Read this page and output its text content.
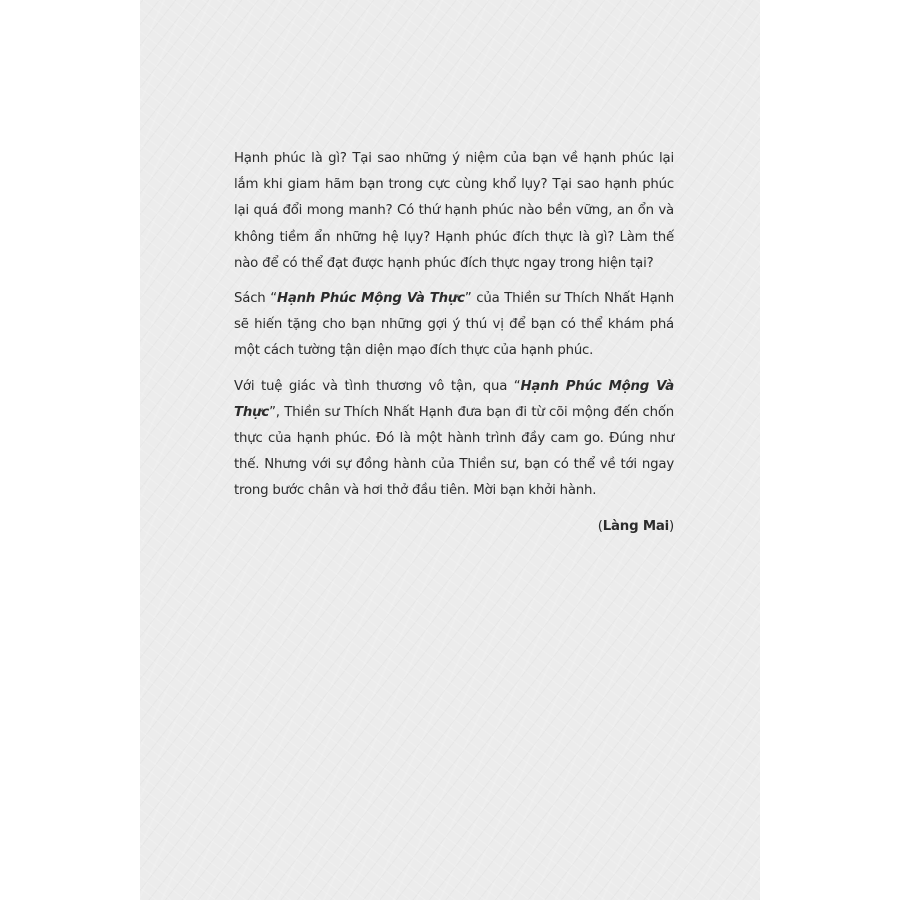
Hạnh phúc là gì? Tại sao những ý niệm của bạn về hạnh phúc lại lắm khi giam hãm bạn trong cực cùng khổ lụy? Tại sao hạnh phúc lại quá đổi mong manh? Có thứ hạnh phúc nào bền vững, an ổn và không tiềm ẩn những hệ lụy? Hạnh phúc đích thực là gì? Làm thế nào để có thể đạt được hạnh phúc đích thực ngay trong hiện tại?

Sách “Hạnh Phúc Mộng Và Thực” của Thiền sư Thích Nhất Hạnh sẽ hiến tặng cho bạn những gợi ý thú vị để bạn có thể khám phá một cách tường tận diện mạo đích thực của hạnh phúc.

Với tuệ giác và tình thương vô tận, qua “Hạnh Phúc Mộng Và Thực”, Thiền sư Thích Nhất Hạnh đưa bạn đi từ cõi mộng đến chốn thực của hạnh phúc. Đó là một hành trình đầy cam go. Đúng như thế. Nhưng với sự đồng hành của Thiền sư, bạn có thể về tới ngay trong bước chân và hơi thở đầu tiên. Mời bạn khởi hành.

(Làng Mai)
